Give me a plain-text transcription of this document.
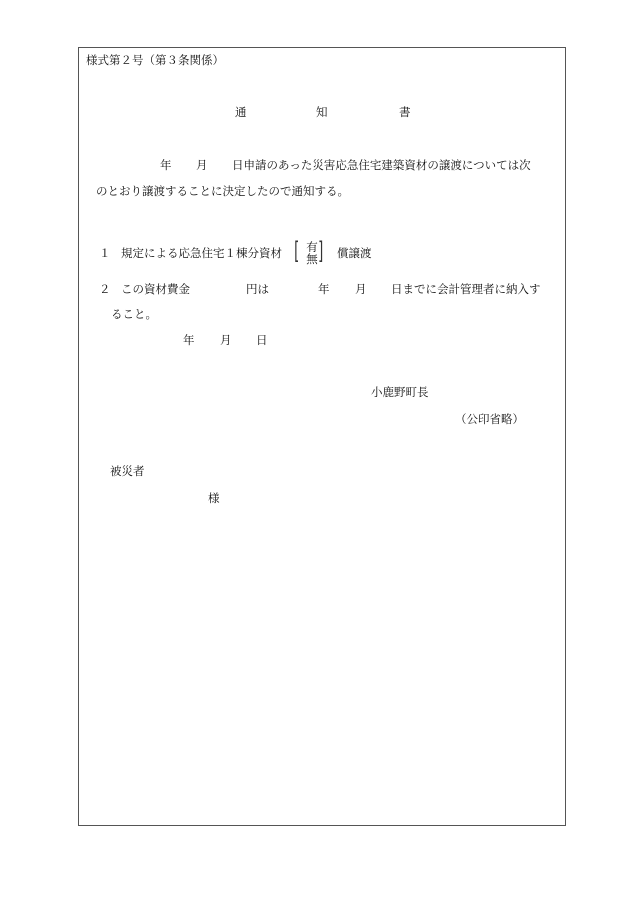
様式第２号（第３条関係）
通	知	書
年 月 日申請のあった災害応急住宅建築資材の譲渡については次
のとおり譲渡することに決定したので通知する。
１ 規定による応急住宅１棟分資材 [ 有
無 ] 償譲渡
２ この資材費金	円は	年 月 日までに会計管理者に納入す
ること。
年 月 日
小鹿野町長
（公印省略）
被災者
様
